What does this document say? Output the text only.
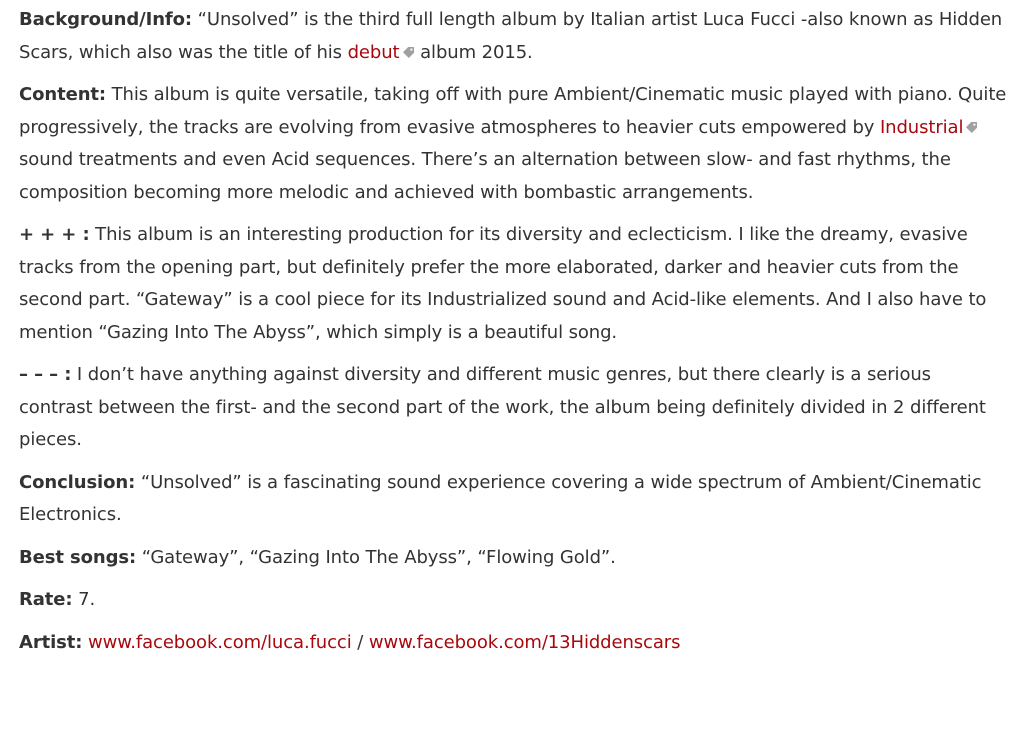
Background/Info: “Unsolved” is the third full length album by Italian artist Luca Fucci -also known as Hidden Scars, which also was the title of his debut
album 2015.

Content: This album is quite versatile, taking off with pure Ambient/Cinematic music played with piano. Quite progressively, the tracks are evolving from evasive atmospheres to heavier cuts empowered by Industrial
sound treatments and even Acid sequences. There’s an alternation between slow- and fast rhythms, the composition becoming more melodic and achieved with bombastic arrangements.

+ + + : This album is an interesting production for its diversity and eclecticism. I like the dreamy, evasive tracks from the opening part, but definitely prefer the more elaborated, darker and heavier cuts from the second part. “Gateway” is a cool piece for its Industrialized sound and Acid-like elements. And I also have to mention “Gazing Into The Abyss”, which simply is a beautiful song.

– – – : I don’t have anything against diversity and different music genres, but there clearly is a serious contrast between the first- and the second part of the work, the album being definitely divided in 2 different pieces.

Conclusion: “Unsolved” is a fascinating sound experience covering a wide spectrum of Ambient/Cinematic Electronics.

Best songs: “Gateway”, “Gazing Into The Abyss”, “Flowing Gold”.

Rate: 7.

Artist: www.facebook.com/luca.fucci / www.facebook.com/13Hiddenscars
